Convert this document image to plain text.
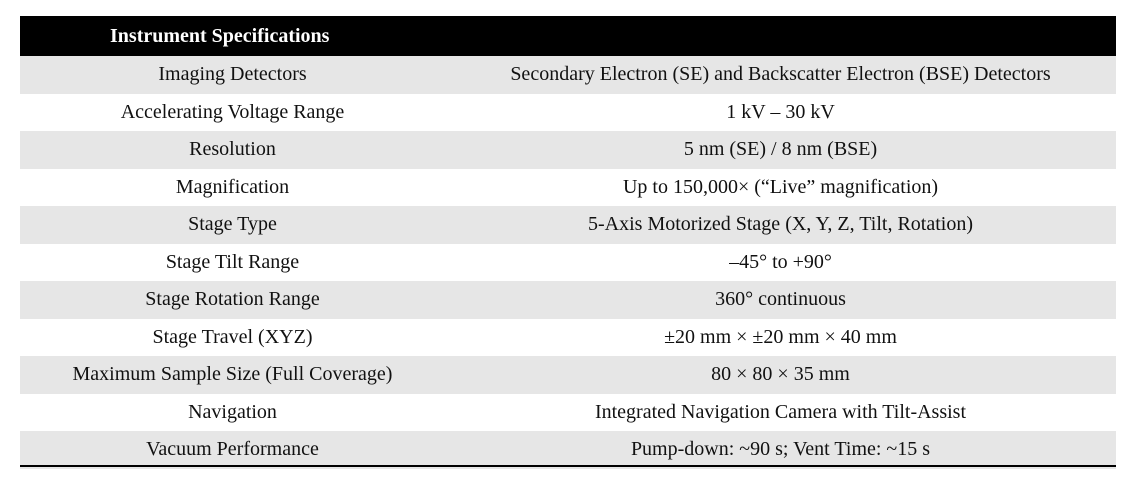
Instrument Specifications	
Imaging Detectors	Secondary Electron (SE) and Backscatter Electron (BSE) Detectors
Accelerating Voltage Range	1 kV – 30 kV
Resolution	5 nm (SE) / 8 nm (BSE)
Magnification	Up to 150,000× (“Live” magnification)
Stage Type	5-Axis Motorized Stage (X, Y, Z, Tilt, Rotation)
Stage Tilt Range	–45° to +90°
Stage Rotation Range	360° continuous
Stage Travel (XYZ)	±20 mm × ±20 mm × 40 mm
Maximum Sample Size (Full Coverage)	80 × 80 × 35 mm
Navigation	Integrated Navigation Camera with Tilt-Assist
Vacuum Performance	Pump-down: ~90 s; Vent Time: ~15 s
